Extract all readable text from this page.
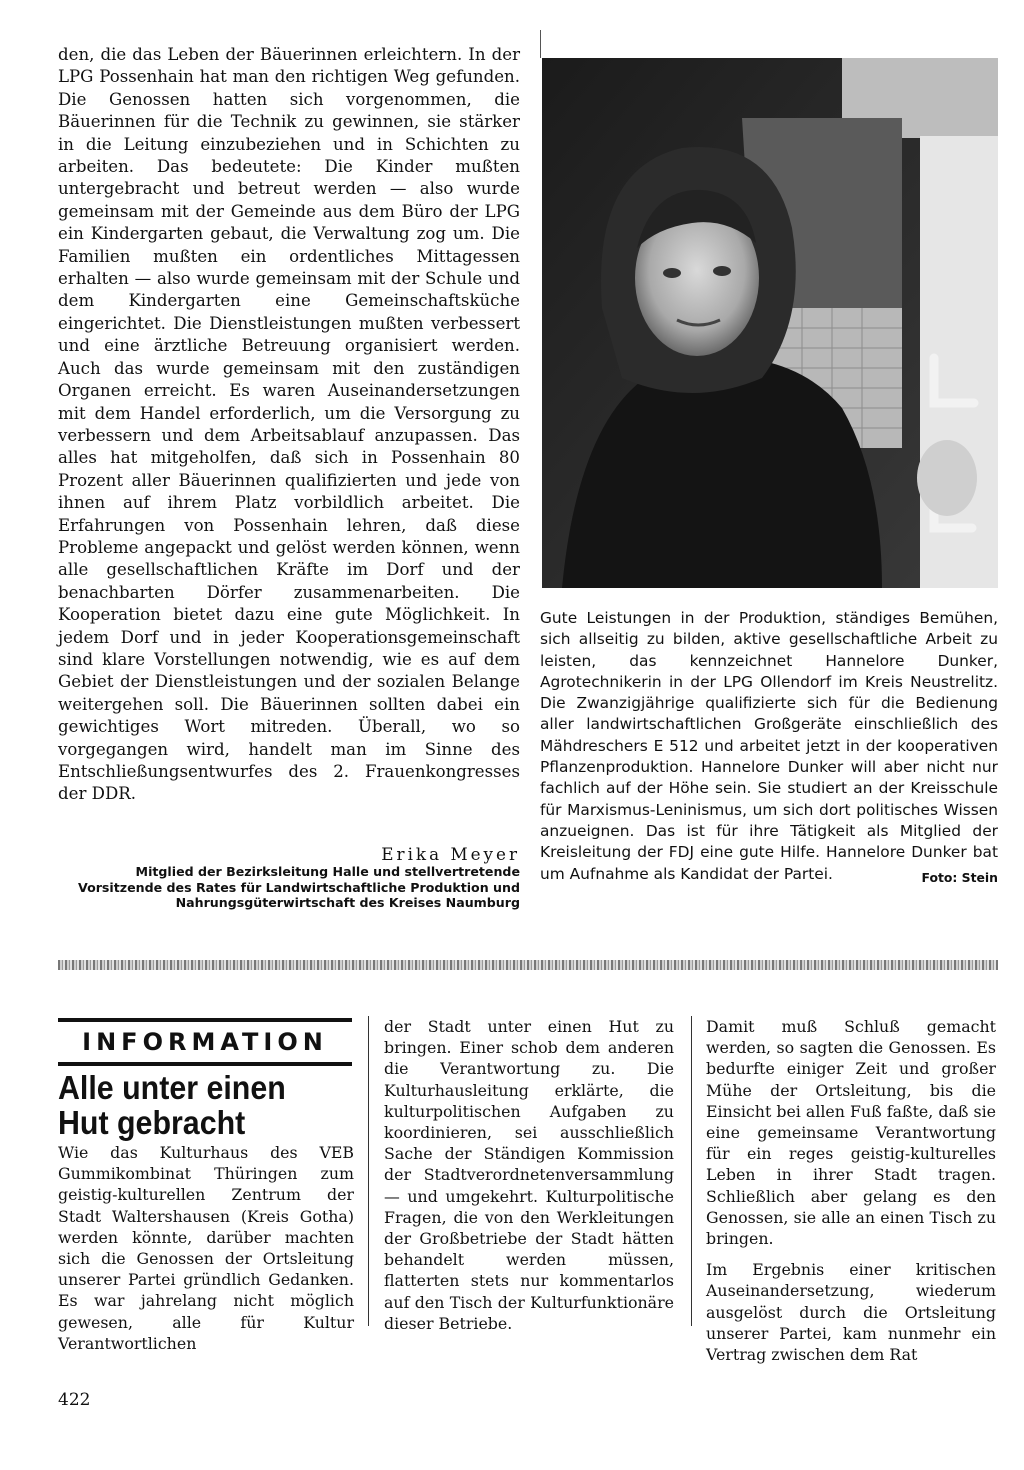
den, die das Leben der Bäuerinnen erleichtern. In der LPG Possenhain hat man den richtigen Weg gefunden. Die Genossen hatten sich vorgenommen, die Bäuerinnen für die Technik zu gewinnen, sie stärker in die Leitung einzubeziehen und in Schichten zu arbeiten. Das bedeutete: Die Kinder mußten untergebracht und betreut werden — also wurde gemeinsam mit der Gemeinde aus dem Büro der LPG ein Kindergarten gebaut, die Verwaltung zog um. Die Familien mußten ein ordentliches Mittagessen erhalten — also wurde gemeinsam mit der Schule und dem Kindergarten eine Gemeinschaftsküche eingerichtet. Die Dienstleistungen mußten verbessert und eine ärztliche Betreuung organisiert werden. Auch das wurde gemeinsam mit den zuständigen Organen erreicht. Es waren Auseinandersetzungen mit dem Handel erforderlich, um die Versorgung zu verbessern und dem Arbeitsablauf anzupassen. Das alles hat mitgeholfen, daß sich in Possenhain 80 Prozent aller Bäuerinnen qualifizierten und jede von ihnen auf ihrem Platz vorbildlich arbeitet. Die Erfahrungen von Possenhain lehren, daß diese Probleme angepackt und gelöst werden können, wenn alle gesellschaftlichen Kräfte im Dorf und der benachbarten Dörfer zusammenarbeiten. Die Kooperation bietet dazu eine gute Möglichkeit. In jedem Dorf und in jeder Kooperationsgemeinschaft sind klare Vorstellungen notwendig, wie es auf dem Gebiet der Dienstleistungen und der sozialen Belange weitergehen soll. Die Bäuerinnen sollten dabei ein gewichtiges Wort mitreden. Überall, wo so vorgegangen wird, handelt man im Sinne des Entschließungsentwurfes des 2. Frauenkongresses der DDR.

Erika Meyer
Mitglied der Bezirksleitung Halle und stellvertretende Vorsitzende des Rates für Landwirtschaftliche Produktion und Nahrungsgüterwirtschaft des Kreises Naumburg

Gute Leistungen in der Produktion, ständiges Bemühen, sich allseitig zu bilden, aktive gesellschaftliche Arbeit zu leisten, das kennzeichnet Hannelore Dunker, Agrotechnikerin in der LPG Ollendorf im Kreis Neustrelitz. Die Zwanzigjährige qualifizierte sich für die Bedienung aller landwirtschaftlichen Großgeräte einschließlich des Mähdreschers E 512 und arbeitet jetzt in der kooperativen Pflanzenproduktion. Hannelore Dunker will aber nicht nur fachlich auf der Höhe sein. Sie studiert an der Kreisschule für Marxismus-Leninismus, um sich dort politisches Wissen anzueignen. Das ist für ihre Tätigkeit als Mitglied der Kreisleitung der FDJ eine gute Hilfe. Hannelore Dunker bat um Aufnahme als Kandidat der Partei.	Foto: Stein

INFORMATION
Alle unter einen Hut gebracht

Wie das Kulturhaus des VEB Gummikombinat Thüringen zum geistig-kulturellen Zentrum der Stadt Waltershausen (Kreis Gotha) werden könnte, darüber machten sich die Genossen der Ortsleitung unserer Partei gründlich Gedanken. Es war jahrelang nicht möglich gewesen, alle für Kultur Verantwortlichen

der Stadt unter einen Hut zu bringen. Einer schob dem anderen die Verantwortung zu. Die Kulturhausleitung erklärte, die kulturpolitischen Aufgaben zu koordinieren, sei ausschließlich Sache der Ständigen Kommission der Stadtverordnetenversammlung — und umgekehrt. Kulturpolitische Fragen, die von den Werkleitungen der Großbetriebe der Stadt hätten behandelt werden müssen, flatterten stets nur kommentarlos auf den Tisch der Kulturfunktionäre dieser Betriebe.

Damit muß Schluß gemacht werden, so sagten die Genossen. Es bedurfte einiger Zeit und großer Mühe der Ortsleitung, bis die Einsicht bei allen Fuß faßte, daß sie eine gemeinsame Verantwortung für ein reges geistig-kulturelles Leben in ihrer Stadt tragen. Schließlich aber gelang es den Genossen, sie alle an einen Tisch zu bringen.

Im Ergebnis einer kritischen Auseinandersetzung, wiederum ausgelöst durch die Ortsleitung unserer Partei, kam nunmehr ein Vertrag zwischen dem Rat

422
